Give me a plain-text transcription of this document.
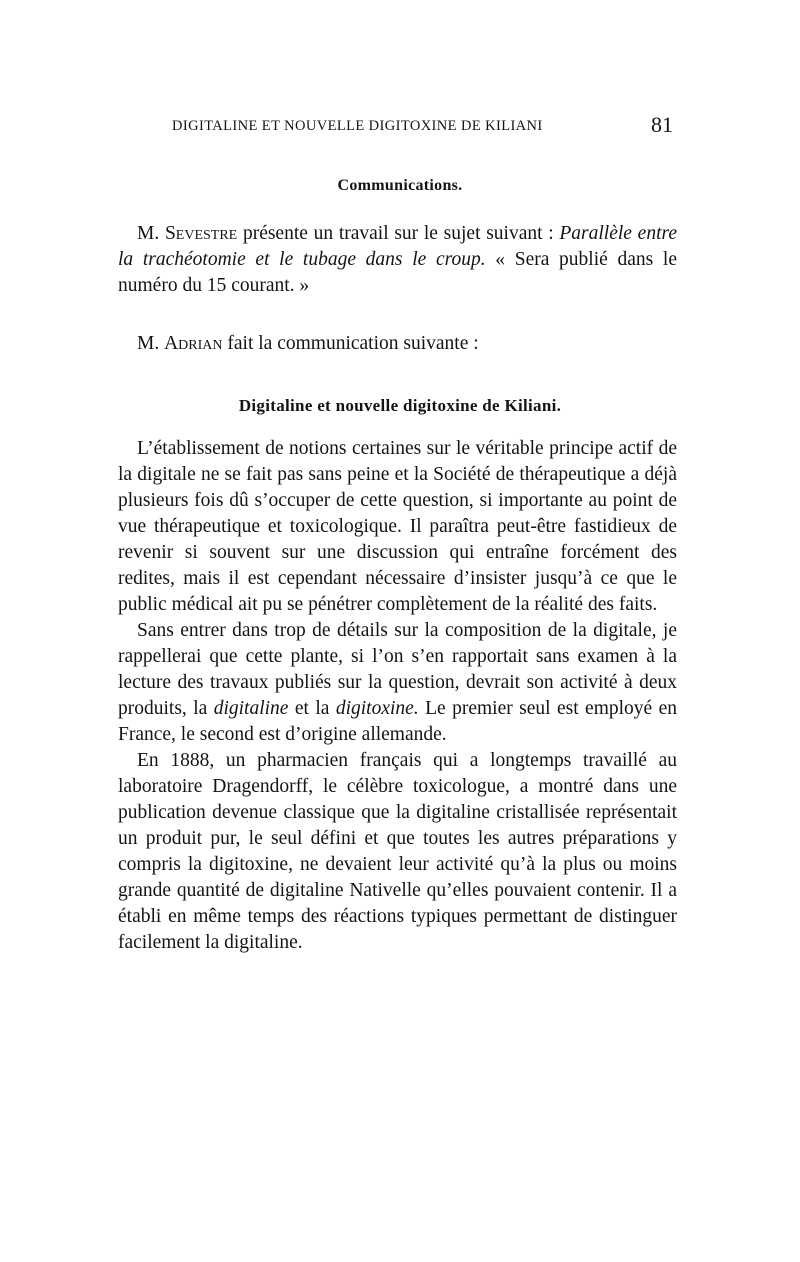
DIGITALINE ET NOUVELLE DIGITOXINE DE KILIANI	81
Communications.

M. Sevestre présente un travail sur le sujet suivant : Parallèle entre la trachéotomie et le tubage dans le croup. « Sera publié dans le numéro du 15 courant. »

M. Adrian fait la communication suivante :

Digitaline et nouvelle digitoxine de Kiliani.

L’établissement de notions certaines sur le véritable principe actif de la digitale ne se fait pas sans peine et la Société de thérapeutique a déjà plusieurs fois dû s’occuper de cette question, si importante au point de vue thérapeutique et toxicologique. Il paraîtra peut-être fastidieux de revenir si souvent sur une discussion qui entraîne forcément des redites, mais il est cependant nécessaire d’insister jusqu’à ce que le public médical ait pu se pénétrer complètement de la réalité des faits.

Sans entrer dans trop de détails sur la composition de la digitale, je rappellerai que cette plante, si l’on s’en rapportait sans examen à la lecture des travaux publiés sur la question, devrait son activité à deux produits, la digitaline et la digitoxine. Le premier seul est employé en France, le second est d’origine allemande.

En 1888, un pharmacien français qui a longtemps travaillé au laboratoire Dragendorff, le célèbre toxicologue, a montré dans une publication devenue classique que la digitaline cristallisée représentait un produit pur, le seul défini et que toutes les autres préparations y compris la digitoxine, ne devaient leur activité qu’à la plus ou moins grande quantité de digitaline Nativelle qu’elles pouvaient contenir. Il a établi en même temps des réactions typiques permettant de distinguer facilement la digitaline.
